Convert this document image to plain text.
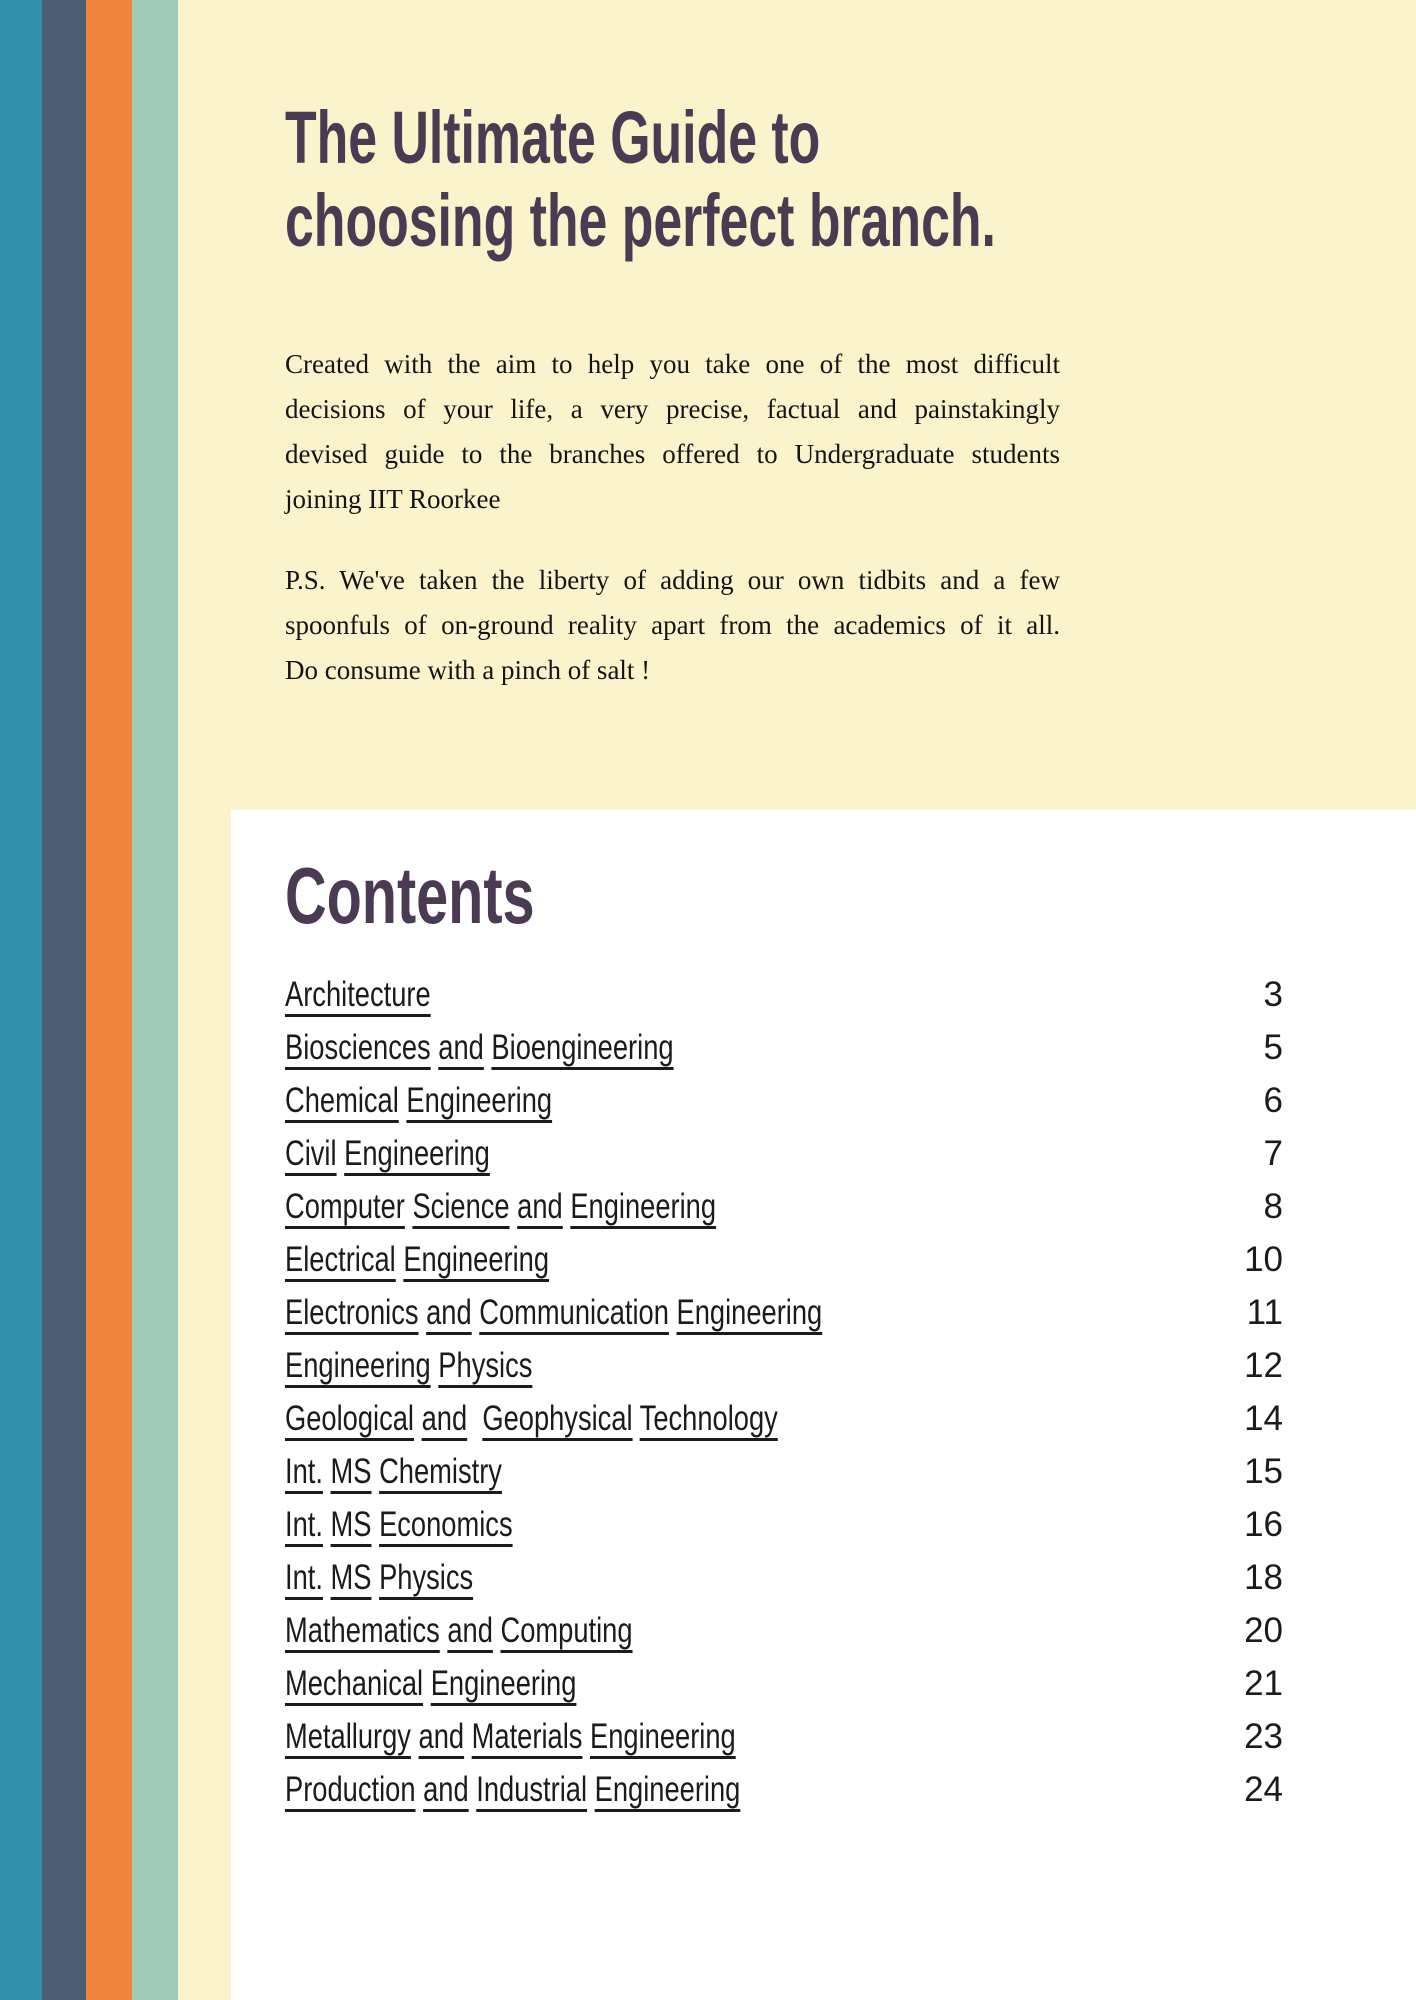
The Ultimate Guide to
choosing the perfect branch.

Created with the aim to help you take one of the most difficult
decisions of your life, a very precise, factual and painstakingly
devised guide to the branches offered to Undergraduate students
joining IIT Roorkee

P.S. We've taken the liberty of adding our own tidbits and a few
spoonfuls of on-ground reality apart from the academics of it all.
Do consume with a pinch of salt !

Contents
Architecture	3
Biosciences and Bioengineering	5
Chemical Engineering	6
Civil Engineering	7
Computer Science and Engineering	8
Electrical Engineering	10
Electronics and Communication Engineering	11
Engineering Physics	12
Geological and Geophysical Technology	14
Int. MS Chemistry	15
Int. MS Economics	16
Int. MS Physics	18
Mathematics and Computing	20
Mechanical Engineering	21
Metallurgy and Materials Engineering	23
Production and Industrial Engineering	24
